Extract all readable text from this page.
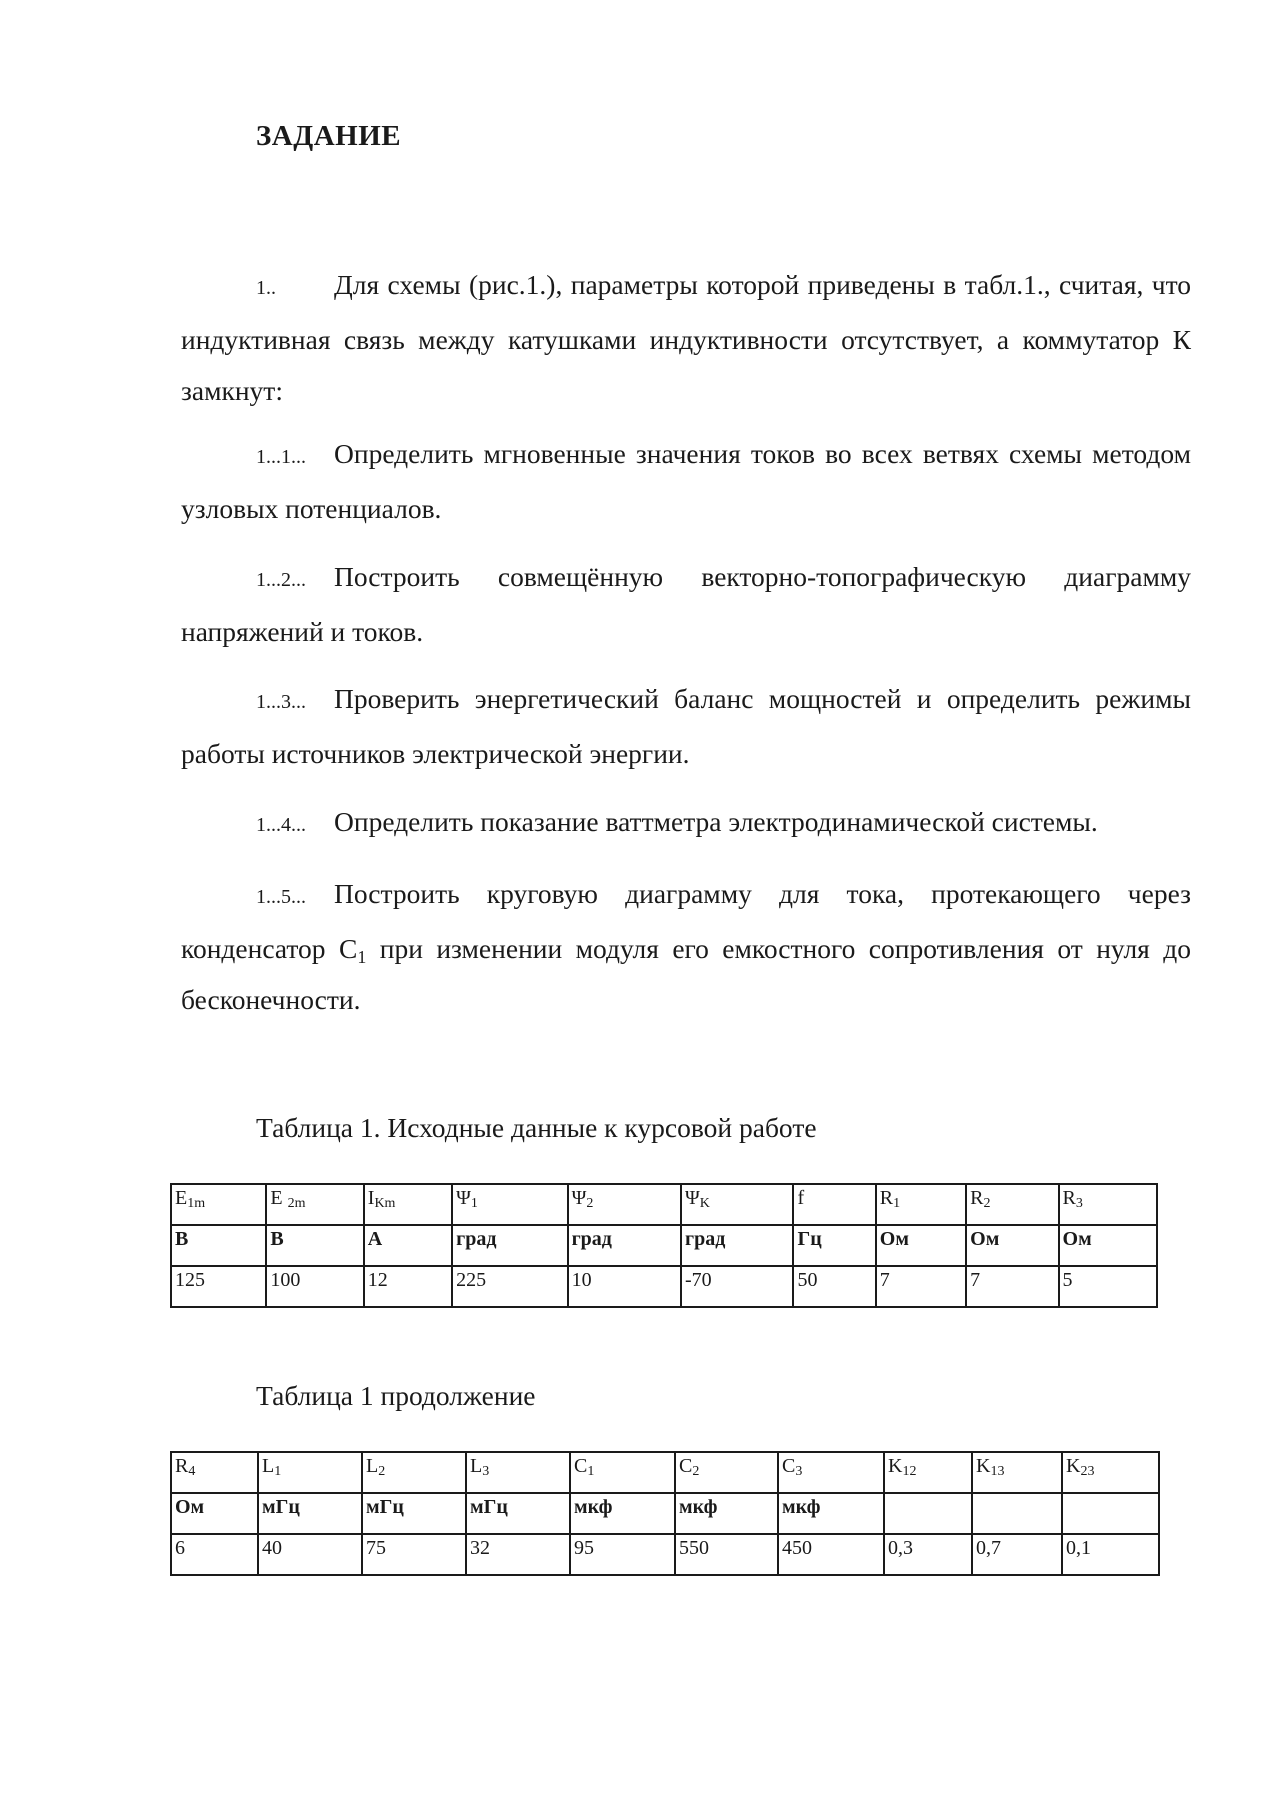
ЗАДАНИЕ
1.. Для схемы (рис.1.), параметры которой приведены в табл.1., считая, что индуктивная связь между катушками индуктивности отсутствует, а коммутатор К замкнут:
1...1... Определить мгновенные значения токов во всех ветвях схемы методом узловых потенциалов.
1...2... Построить совмещённую векторно-топографическую диаграмму напряжений и токов.
1...3... Проверить энергетический баланс мощностей и определить режимы работы источников электрической энергии.
1...4... Определить показание ваттметра электродинамической системы.
1...5... Построить круговую диаграмму для тока, протекающего через конденсатор $С_1$ при изменении модуля его емкостного сопротивления от нуля до бесконечности.
Таблица 1. Исходные данные к курсовой работе
$E_{1m}$	E $_{2m}$	$I_{Km}$	$\Psi_1$	$\Psi_2$	$\Psi_K$	f	$R_1$	$R_2$	$R_3$
В	В	А	град	град	град	Гц	Ом	Ом	Ом
125	100	12	225	10	-70	50	7	7	5
Таблица 1 продолжение
$R_4$	$L_1$	$L_2$	$L_3$	$C_1$	$C_2$	$C_3$	$K_{12}$	$K_{13}$	$K_{23}$
Ом	мГц	мГц	мГц	мкф	мкф	мкф			
6	40	75	32	95	550	450	0,3	0,7	0,1
